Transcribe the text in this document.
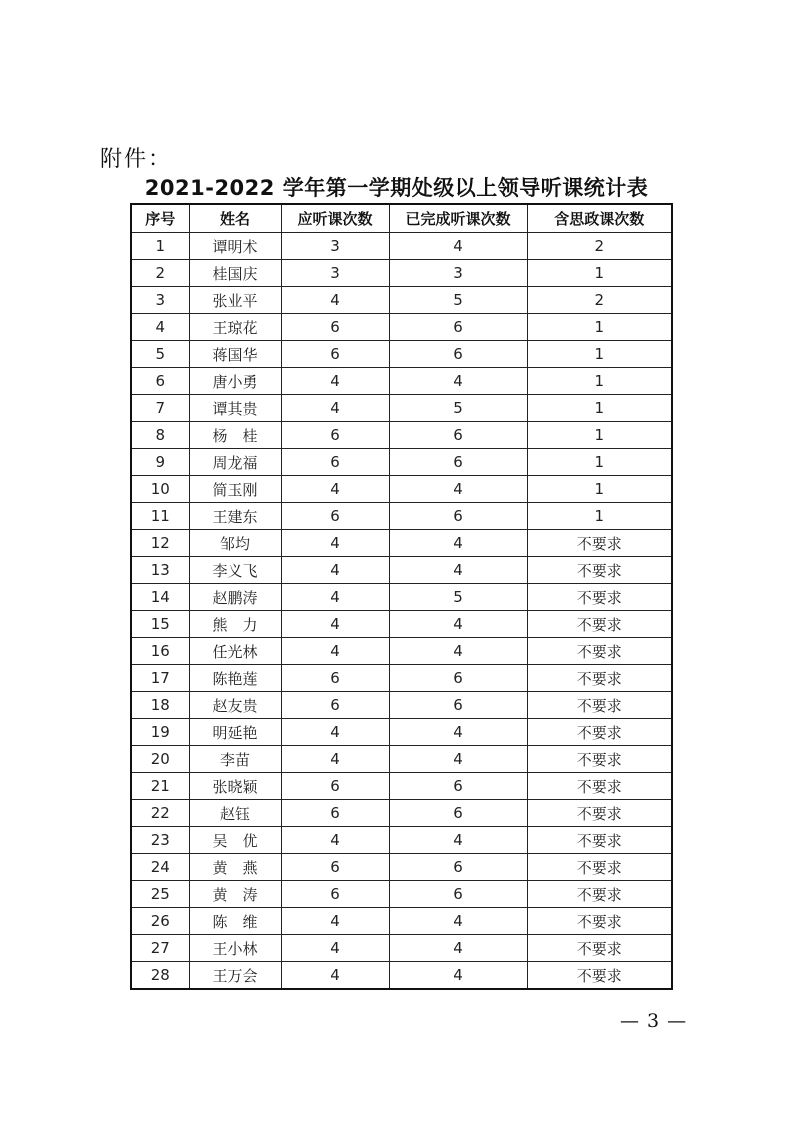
附件：
2021-2022 学年第一学期处级以上领导听课统计表
序号	姓名	应听课次数	已完成听课次数	含思政课次数
1	谭明术	3	4	2
2	桂国庆	3	3	1
3	张业平	4	5	2
4	王琼花	6	6	1
5	蒋国华	6	6	1
6	唐小勇	4	4	1
7	谭其贵	4	5	1
8	杨　桂	6	6	1
9	周龙福	6	6	1
10	简玉刚	4	4	1
11	王建东	6	6	1
12	邹均	4	4	不要求
13	李义飞	4	4	不要求
14	赵鹏涛	4	5	不要求
15	熊　力	4	4	不要求
16	任光林	4	4	不要求
17	陈艳莲	6	6	不要求
18	赵友贵	6	6	不要求
19	明延艳	4	4	不要求
20	李苗	4	4	不要求
21	张晓颖	6	6	不要求
22	赵钰	6	6	不要求
23	吴　优	4	4	不要求
24	黄　燕	6	6	不要求
25	黄　涛	6	6	不要求
26	陈　维	4	4	不要求
27	王小林	4	4	不要求
28	王万会	4	4	不要求
— 3 —
